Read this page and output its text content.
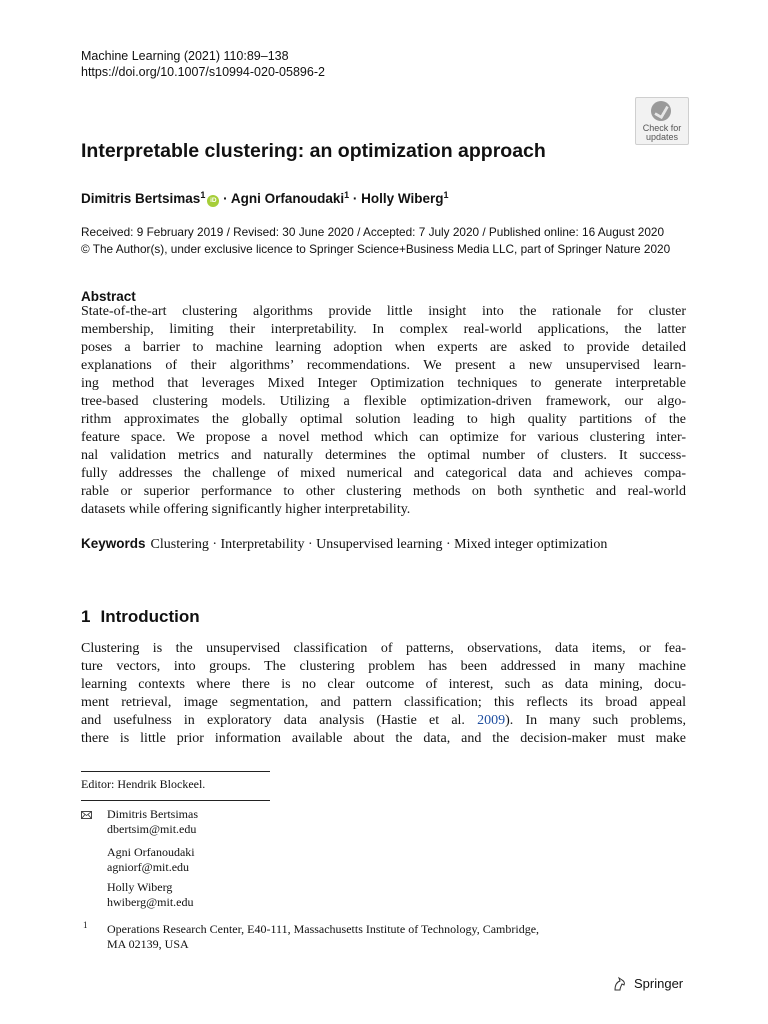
Machine Learning (2021) 110:89–138
https://doi.org/10.1007/s10994-020-05896-2
Check for
updates
Interpretable clustering: an optimization approach
Dimitris Bertsimas$^1$iD · Agni Orfanoudaki$^1$ · Holly Wiberg$^1$
Received: 9 February 2019 / Revised: 30 June 2020 / Accepted: 7 July 2020 / Published online: 16 August 2020
© The Author(s), under exclusive licence to Springer Science+Business Media LLC, part of Springer Nature 2020
Abstract
State-of-the-art clustering algorithms provide little insight into the rationale for cluster
membership, limiting their interpretability. In complex real-world applications, the latter
poses a barrier to machine learning adoption when experts are asked to provide detailed
explanations of their algorithms’ recommendations. We present a new unsupervised learn-
ing method that leverages Mixed Integer Optimization techniques to generate interpretable
tree-based clustering models. Utilizing a flexible optimization-driven framework, our algo-
rithm approximates the globally optimal solution leading to high quality partitions of the
feature space. We propose a novel method which can optimize for various clustering inter-
nal validation metrics and naturally determines the optimal number of clusters. It success-
fully addresses the challenge of mixed numerical and categorical data and achieves compa-
rable or superior performance to other clustering methods on both synthetic and real-world
datasets while offering significantly higher interpretability.
Keywords Clustering · Interpretability · Unsupervised learning · Mixed integer optimization
1 Introduction
Clustering is the unsupervised classification of patterns, observations, data items, or fea-
ture vectors, into groups. The clustering problem has been addressed in many machine
learning contexts where there is no clear outcome of interest, such as data mining, docu-
ment retrieval, image segmentation, and pattern classification; this reflects its broad appeal
and usefulness in exploratory data analysis (Hastie et al. 2009). In many such problems,
there is little prior information available about the data, and the decision-maker must make
Editor: Hendrik Blockeel.
Dimitris Bertsimas
dbertsim@mit.edu
Agni Orfanoudaki
agniorf@mit.edu
Holly Wiberg
hwiberg@mit.edu
1 Operations Research Center, E40-111, Massachusetts Institute of Technology, Cambridge,
MA 02139, USA
Springer
